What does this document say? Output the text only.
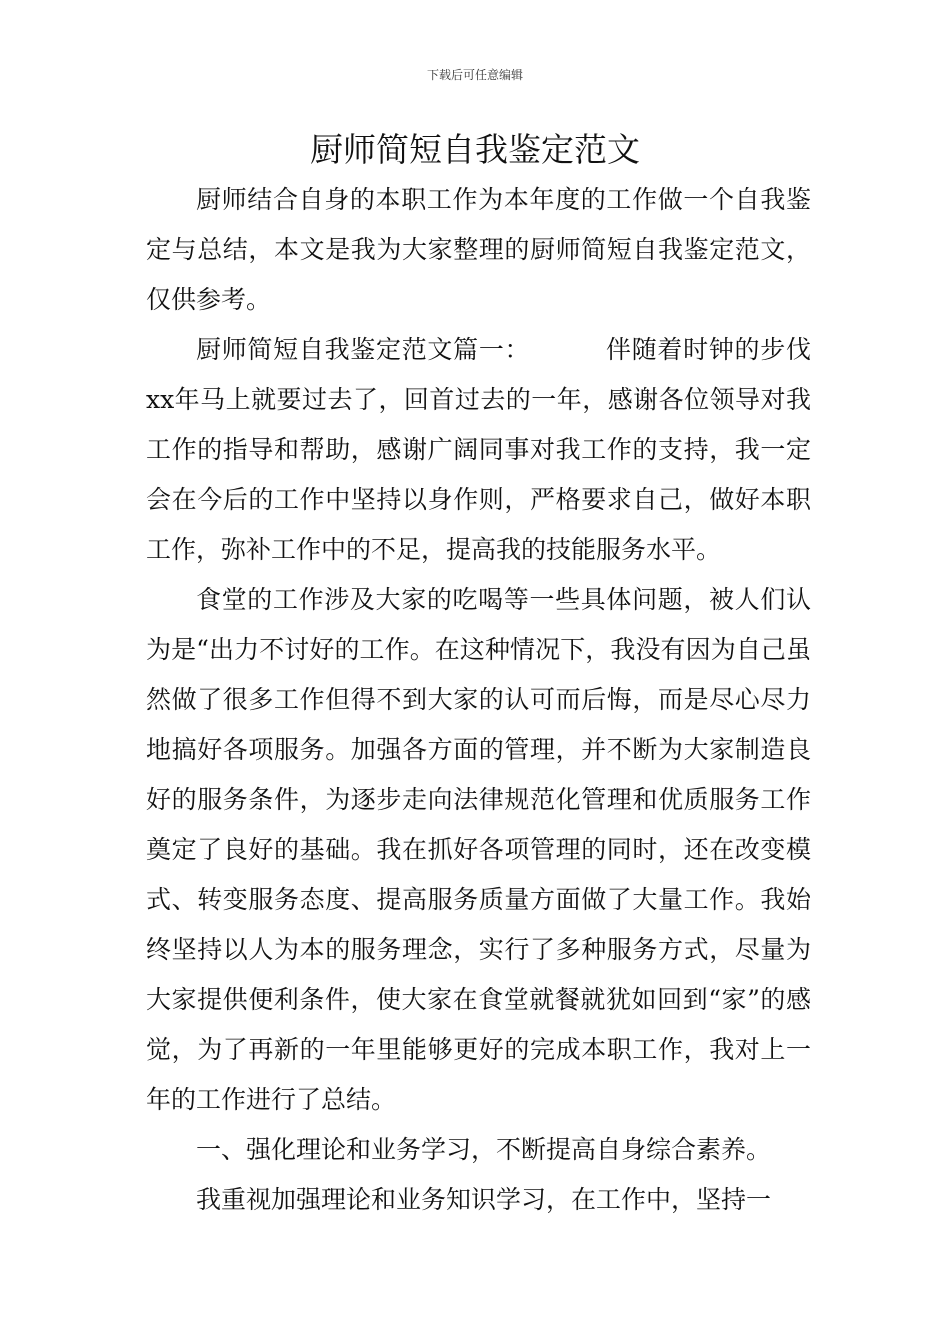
下载后可任意编辑
厨师简短自我鉴定范文

厨师结合自身的本职工作为本年度的工作做一个自我鉴定与总结，本文是我为大家整理的厨师简短自我鉴定范文，仅供参考。

厨师简短自我鉴定范文篇一：	伴随着时钟的步伐xx年马上就要过去了，回首过去的一年，感谢各位领导对我工作的指导和帮助，感谢广阔同事对我工作的支持，我一定会在今后的工作中坚持以身作则，严格要求自己，做好本职工作，弥补工作中的不足，提高我的技能服务水平。

食堂的工作涉及大家的吃喝等一些具体问题，被人们认为是“出力不讨好的工作。在这种情况下，我没有因为自己虽然做了很多工作但得不到大家的认可而后悔，而是尽心尽力地搞好各项服务。加强各方面的管理，并不断为大家制造良好的服务条件，为逐步走向法律规范化管理和优质服务工作奠定了良好的基础。我在抓好各项管理的同时，还在改变模式、转变服务态度、提高服务质量方面做了大量工作。我始终坚持以人为本的服务理念，实行了多种服务方式，尽量为大家提供便利条件，使大家在食堂就餐就犹如回到“家”的感觉，为了再新的一年里能够更好的完成本职工作，我对上一年的工作进行了总结。

一、强化理论和业务学习，不断提高自身综合素养。

我重视加强理论和业务知识学习，在工作中，坚持一
